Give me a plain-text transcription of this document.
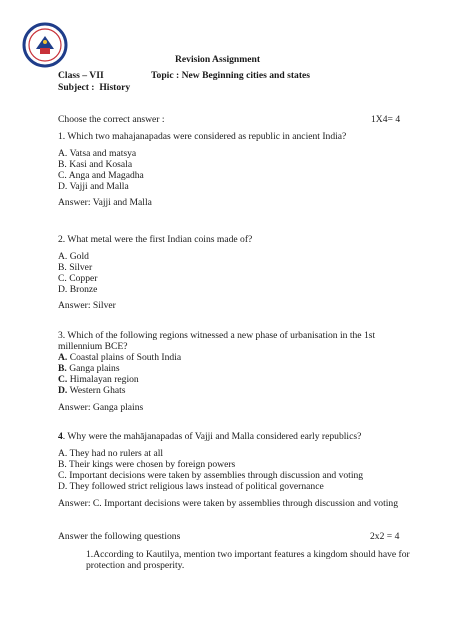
Revision Assignment
Class – VII	Topic : New Beginning cities and states
Subject : History
Choose the correct answer :	1X4= 4
1. Which two mahajanapadas were considered as republic in ancient India?
A. Vatsa and matsya
B. Kasi and Kosala
C. Anga and Magadha
D. Vajji and Malla
Answer: Vajji and Malla
2. What metal were the first Indian coins made of?
A. Gold
B. Silver
C. Copper
D. Bronze
Answer: Silver
3. Which of the following regions witnessed a new phase of urbanisation in the 1st
millennium BCE?
A. Coastal plains of South India
B. Ganga plains
C. Himalayan region
D. Western Ghats
Answer: Ganga plains
4. Why were the mahājanapadas of Vajji and Malla considered early republics?
A. They had no rulers at all
B. Their kings were chosen by foreign powers
C. Important decisions were taken by assemblies through discussion and voting
D. They followed strict religious laws instead of political governance
Answer: C. Important decisions were taken by assemblies through discussion and voting
Answer the following questions	2x2 = 4
1.According to Kautilya, mention two important features a kingdom should have for
protection and prosperity.
